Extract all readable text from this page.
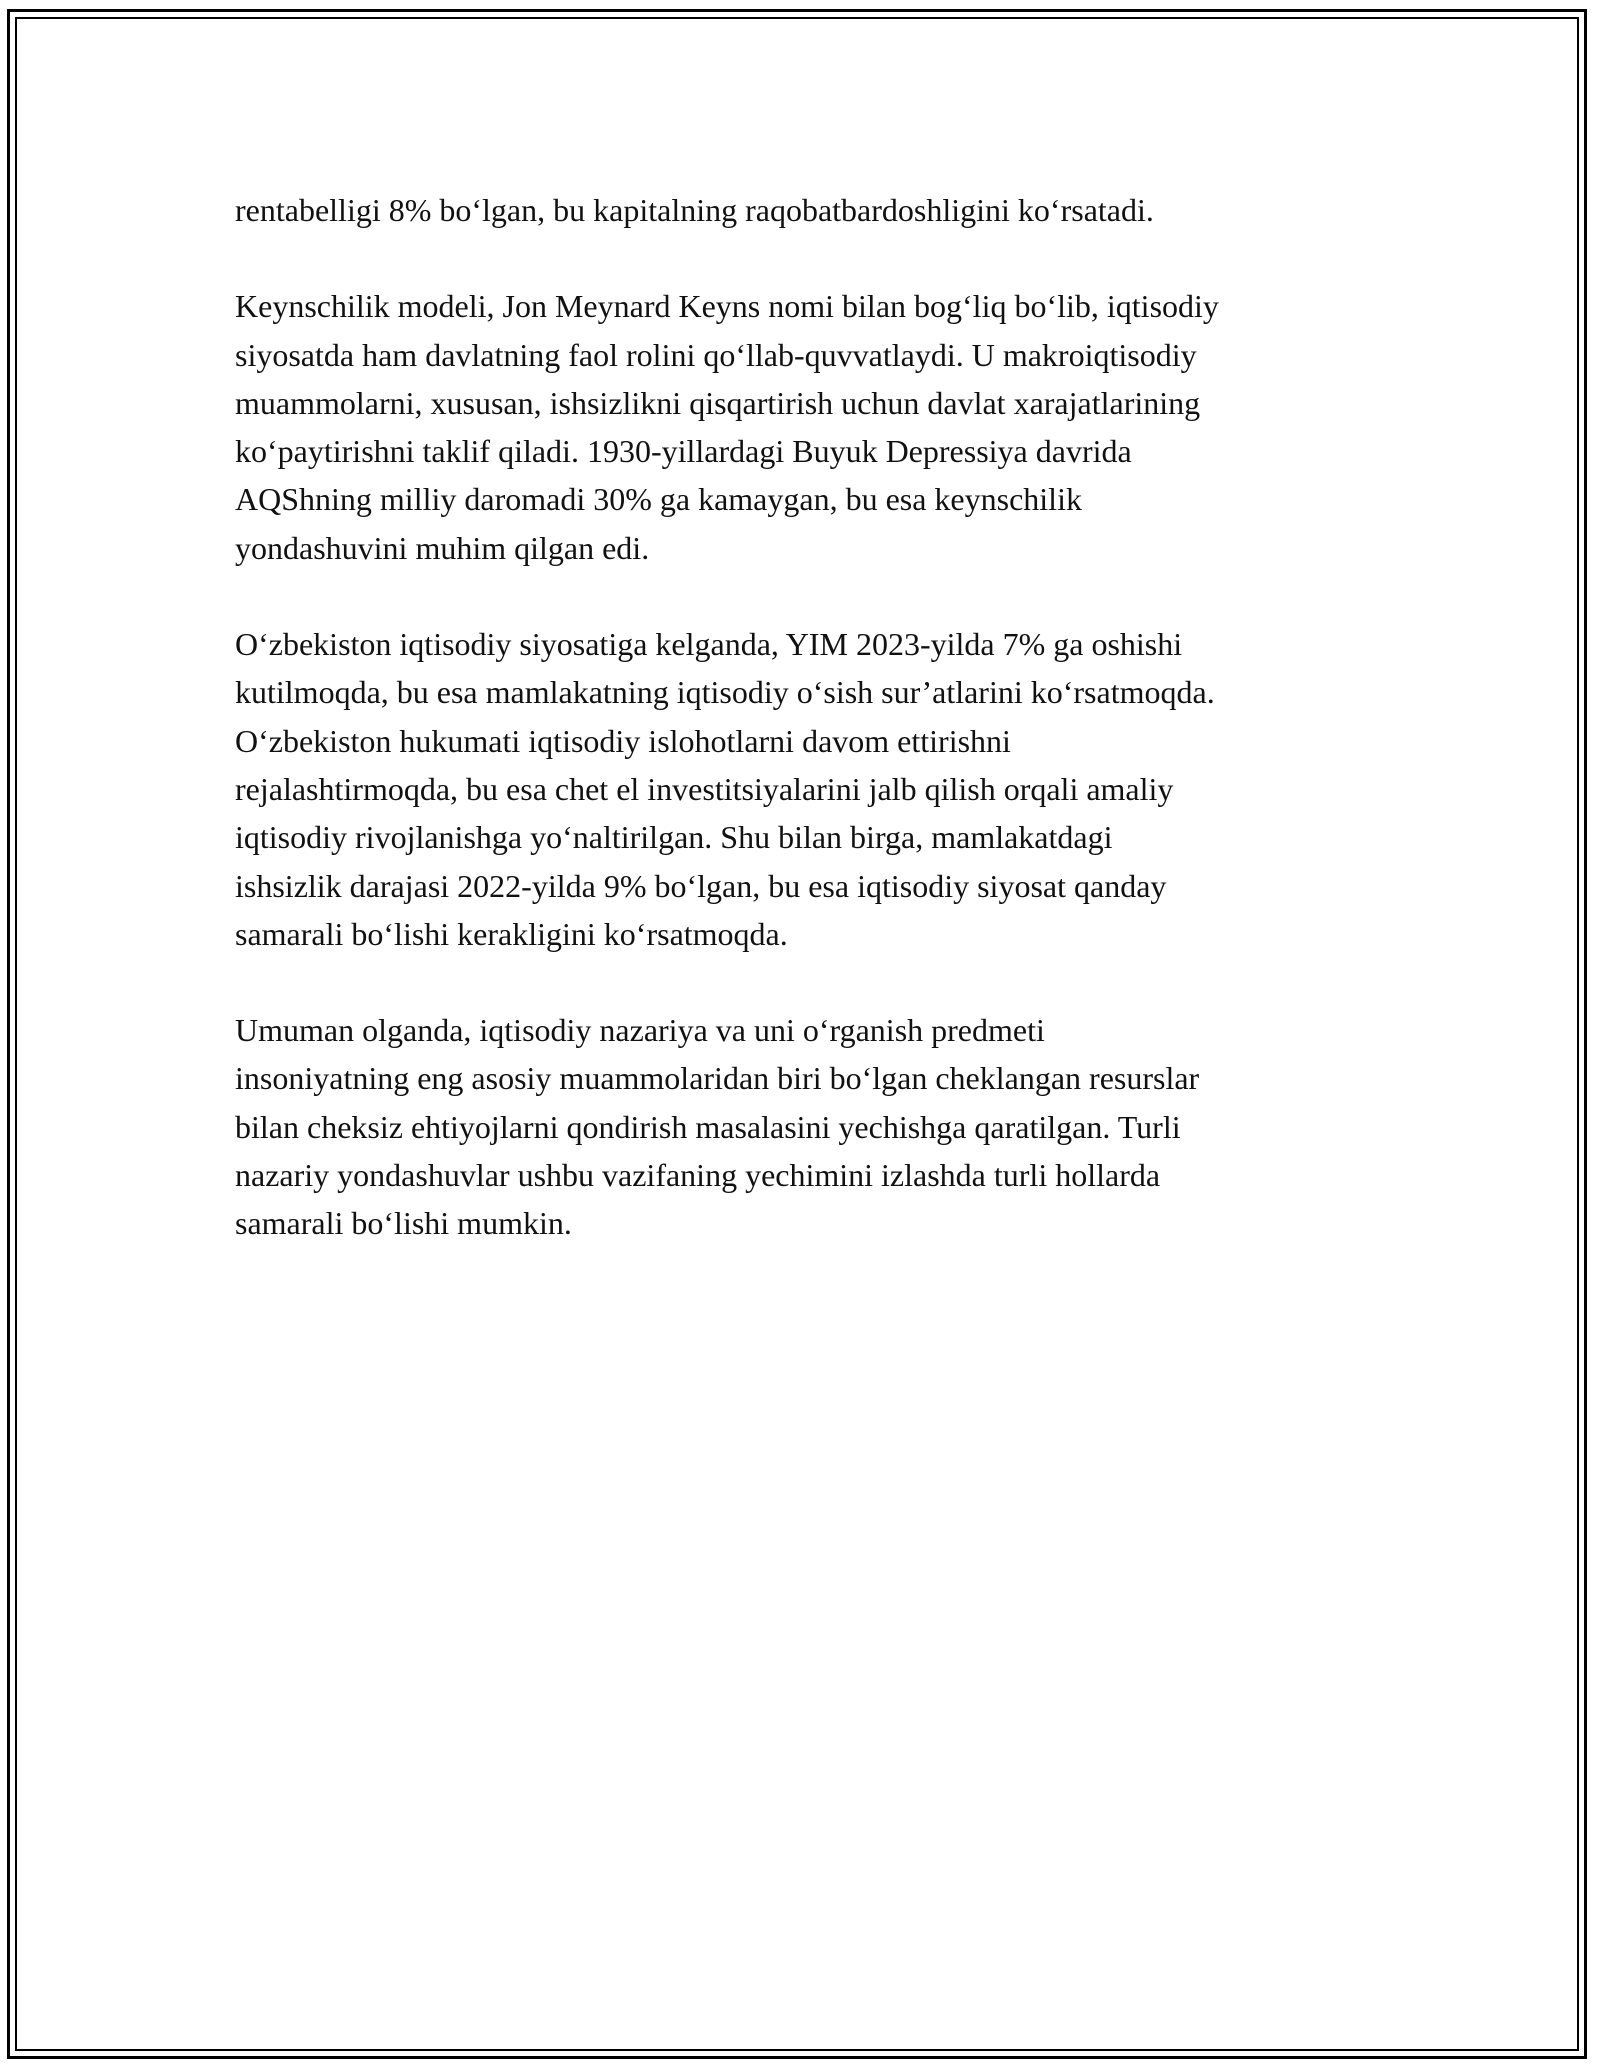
rentabelligi 8% bo‘lgan, bu kapitalning raqobatbardoshligini ko‘rsatadi.

Keynschilik modeli, Jon Meynard Keyns nomi bilan bog‘liq bo‘lib, iqtisodiy
siyosatda ham davlatning faol rolini qo‘llab-quvvatlaydi. U makroiqtisodiy
muammolarni, xususan, ishsizlikni qisqartirish uchun davlat xarajatlarining
ko‘paytirishni taklif qiladi. 1930-yillardagi Buyuk Depressiya davrida
AQShning milliy daromadi 30% ga kamaygan, bu esa keynschilik
yondashuvini muhim qilgan edi.

O‘zbekiston iqtisodiy siyosatiga kelganda, YIM 2023-yilda 7% ga oshishi
kutilmoqda, bu esa mamlakatning iqtisodiy o‘sish sur’atlarini ko‘rsatmoqda.
O‘zbekiston hukumati iqtisodiy islohotlarni davom ettirishni
rejalashtirmoqda, bu esa chet el investitsiyalarini jalb qilish orqali amaliy
iqtisodiy rivojlanishga yo‘naltirilgan. Shu bilan birga, mamlakatdagi
ishsizlik darajasi 2022-yilda 9% bo‘lgan, bu esa iqtisodiy siyosat qanday
samarali bo‘lishi kerakligini ko‘rsatmoqda.

Umuman olganda, iqtisodiy nazariya va uni o‘rganish predmeti
insoniyatning eng asosiy muammolaridan biri bo‘lgan cheklangan resurslar
bilan cheksiz ehtiyojlarni qondirish masalasini yechishga qaratilgan. Turli
nazariy yondashuvlar ushbu vazifaning yechimini izlashda turli hollarda
samarali bo‘lishi mumkin.
